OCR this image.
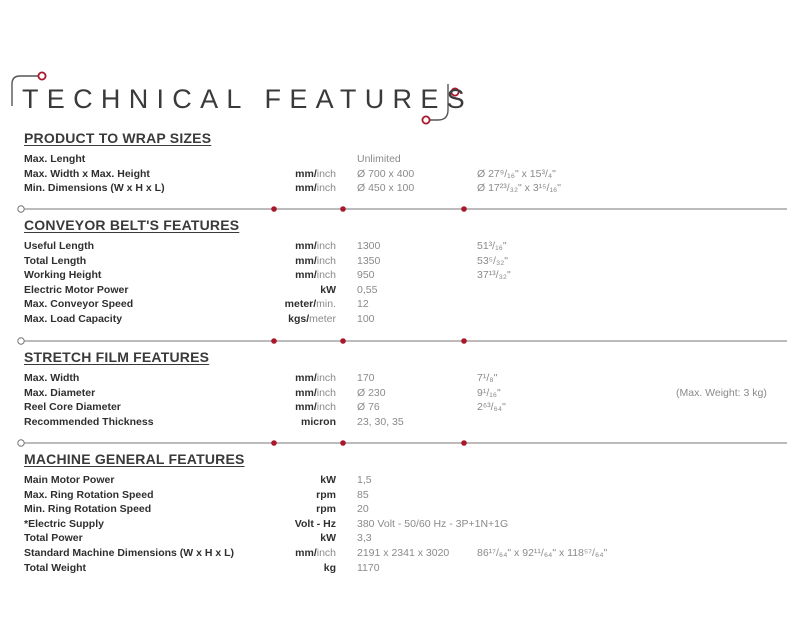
TECHNICAL FEATURES
PRODUCT TO WRAP SIZES
Max. Lenght	Unlimited
Max. Width x Max. Height	mm/inch Ø 700 x 400	Ø 27⁹/₁₆" x 15³/₄"
Min. Dimensions (W x H x L)	mm/inch Ø 450 x 100	Ø 17²³/₃₂" x 3¹⁵/₁₆"
CONVEYOR BELT'S FEATURES
Useful Length	mm/inch 1300	51³/₁₆"
Total Length	mm/inch 1350	53⁵/₃₂"
Working Height	mm/inch 950	37¹³/₃₂"
Electric Motor Power	kW 0,55
Max. Conveyor Speed	meter/min. 12
Max. Load Capacity	kgs/meter 100
STRETCH FILM FEATURES
Max. Width	mm/inch 170	7¹/₈"
Max. Diameter	mm/inch Ø 230	9¹/₁₆"	(Max. Weight: 3 kg)
Reel Core Diameter	mm/inch Ø 76	2⁶³/₆₄"
Recommended Thickness	micron 23, 30, 35
MACHINE GENERAL FEATURES
Main Motor Power	kW 1,5
Max. Ring Rotation Speed	rpm 85
Min. Ring Rotation Speed	rpm 20
*Electric Supply	Volt - Hz 380 Volt - 50/60 Hz - 3P+1N+1G
Total Power	kW 3,3
Standard Machine Dimensions (W x H x L)	mm/inch 2191 x 2341 x 3020	86¹⁷/₆₄" x 92¹¹/₆₄" x 118⁵⁷/₆₄"
Total Weight	kg 1170
